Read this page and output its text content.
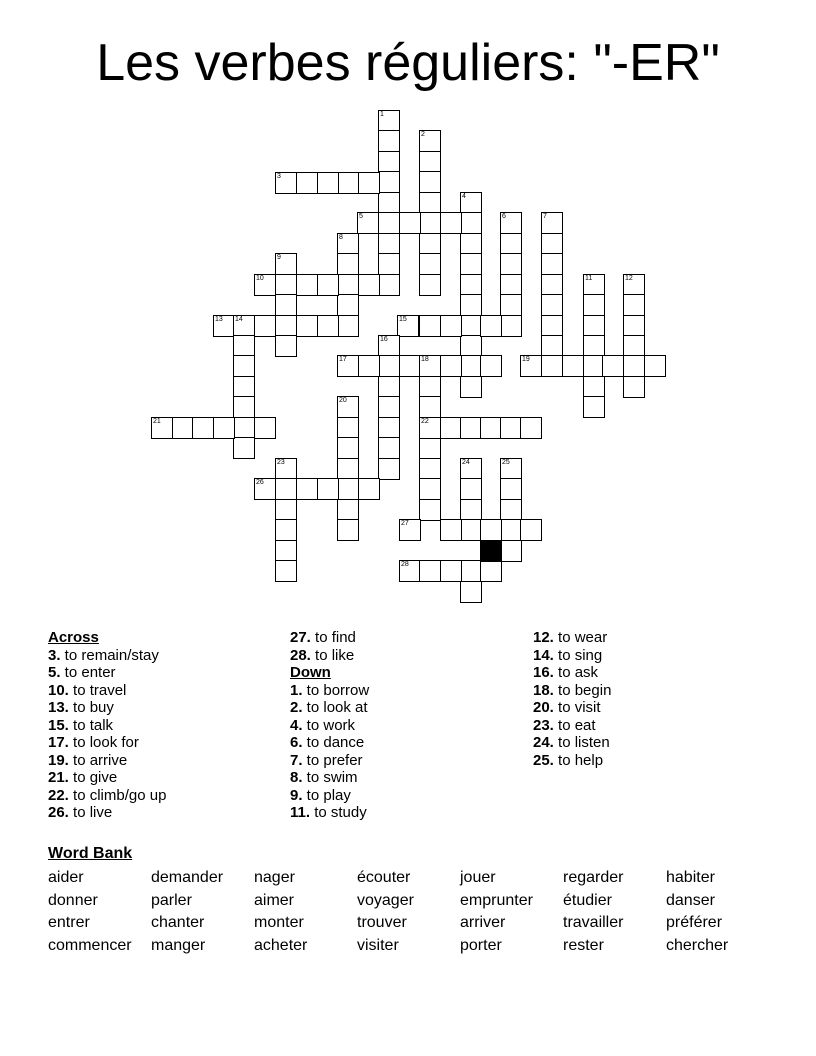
Les verbes réguliers: "-ER"
1
2
3
4
5	6	7
8
9
10	11	12
13 14	15
16
17	18	19
20
21	22
23	24	25
26
27
28
Across
3. to remain/stay
5. to enter
10. to travel
13. to buy
15. to talk
17. to look for
19. to arrive
21. to give
22. to climb/go up
26. to live
27. to find
28. to like
Down
1. to borrow
2. to look at
4. to work
6. to dance
7. to prefer
8. to swim
9. to play
11. to study
12. to wear
14. to sing
16. to ask
18. to begin
20. to visit
23. to eat
24. to listen
25. to help
Word Bank
aider	demander nager	écouter	jouer	regarder	habiter
donner	parler	aimer	voyager	emprunter étudier	danser
entrer	chanter	monter	trouver	arriver	travailler	préférer
commencer manger	acheter	visiter	porter	rester	chercher
